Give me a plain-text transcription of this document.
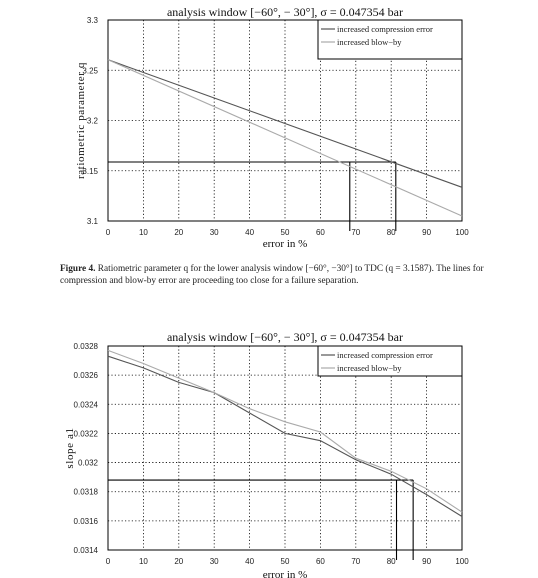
analysis window [−60°, − 30°], σ = 0.047354 bar
0	10	20	30	40	50	60	70	80	90	100
3.1
3.15
3.2
3.25
3.3
error in %
ratiometric parameter q
increased compression error
increased blow−by
analysis window [−60°, − 30°], σ = 0.047354 bar
0	10	20	30	40	50	60	70	80	90	100
0.0314
0.0316
0.0318
0.032
0.0322
0.0324
0.0326
0.0328
error in %
slope a1
increased compression error
increased blow−by
Figure 4. Ratiometric parameter q for the lower analysis window [−60°, −30°] to TDC (q = 3.1587). The lines for compression and blow-by error are proceeding too close for a failure separation.
